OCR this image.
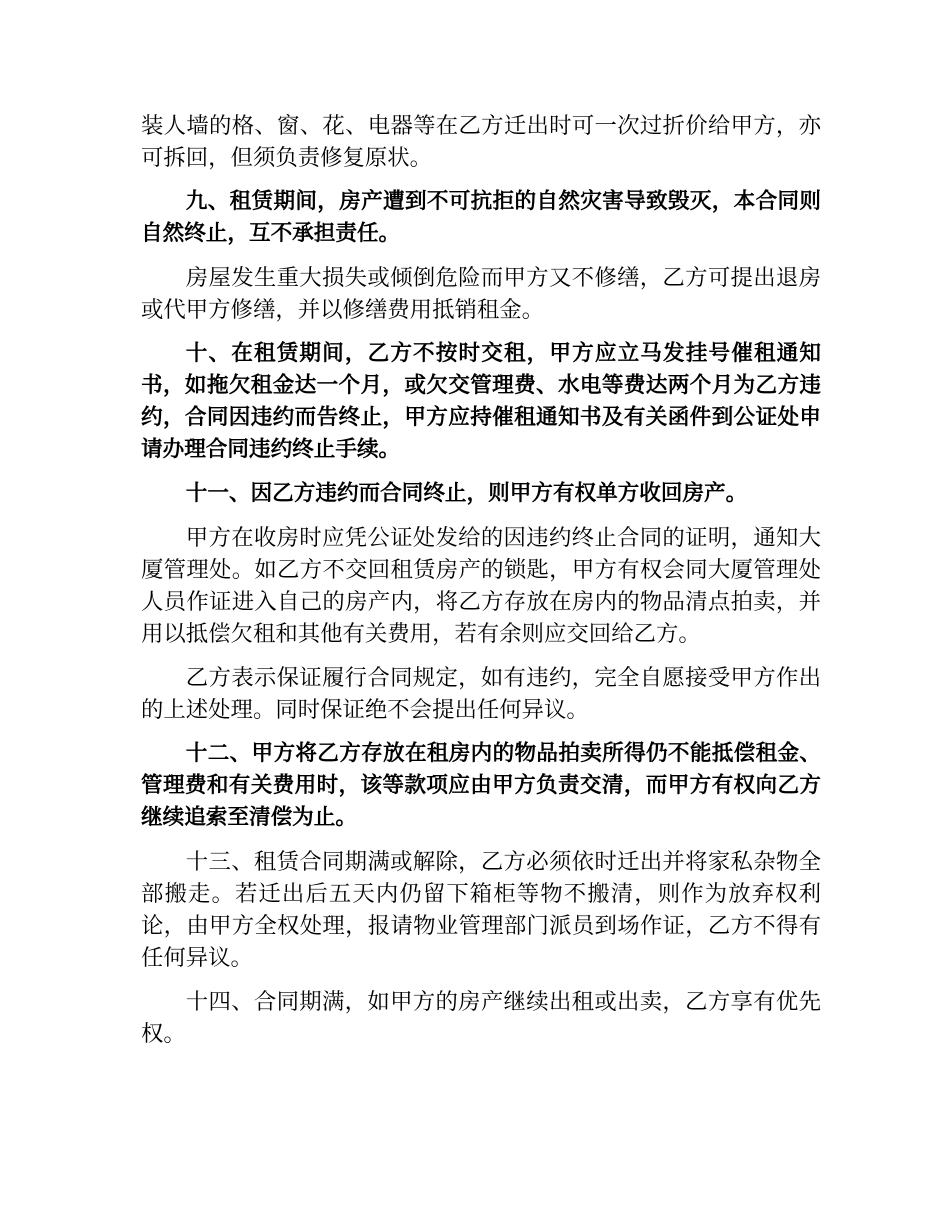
装人墙的格、窗、花、电器等在乙方迁出时可一次过折价给甲方，亦可拆回，但须负责修复原状。

九、租赁期间，房产遭到不可抗拒的自然灾害导致毁灭，本合同则自然终止，互不承担责任。

房屋发生重大损失或倾倒危险而甲方又不修缮，乙方可提出退房或代甲方修缮，并以修缮费用抵销租金。

十、在租赁期间，乙方不按时交租，甲方应立马发挂号催租通知书，如拖欠租金达一个月，或欠交管理费、水电等费达两个月为乙方违约，合同因违约而告终止，甲方应持催租通知书及有关函件到公证处申请办理合同违约终止手续。

十一、因乙方违约而合同终止，则甲方有权单方收回房产。

甲方在收房时应凭公证处发给的因违约终止合同的证明，通知大厦管理处。如乙方不交回租赁房产的锁匙，甲方有权会同大厦管理处人员作证进入自己的房产内，将乙方存放在房内的物品清点拍卖，并用以抵偿欠租和其他有关费用，若有余则应交回给乙方。

乙方表示保证履行合同规定，如有违约，完全自愿接受甲方作出的上述处理。同时保证绝不会提出任何异议。

十二、甲方将乙方存放在租房内的物品拍卖所得仍不能抵偿租金、管理费和有关费用时，该等款项应由甲方负责交清，而甲方有权向乙方继续追索至清偿为止。

十三、租赁合同期满或解除，乙方必须依时迁出并将家私杂物全部搬走。若迁出后五天内仍留下箱柜等物不搬清，则作为放弃权利论，由甲方全权处理，报请物业管理部门派员到场作证，乙方不得有任何异议。

十四、合同期满，如甲方的房产继续出租或出卖，乙方享有优先权。
